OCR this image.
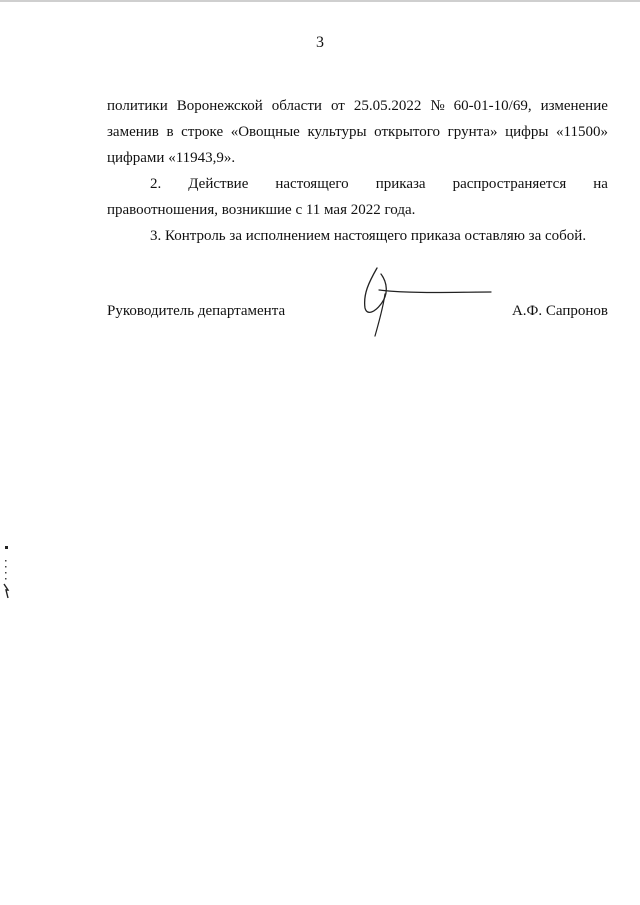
3
политики Воронежской области от 25.05.2022 № 60-01-10/69, изменение
заменив в строке «Овощные культуры открытого грунта» цифры «11500»
цифрами «11943,9».
2. Действие настоящего приказа распространяется на
правоотношения, возникшие с 11 мая 2022 года.
3. Контроль за исполнением настоящего приказа оставляю за собой.
Руководитель департамента	А.Ф. Сапронов
